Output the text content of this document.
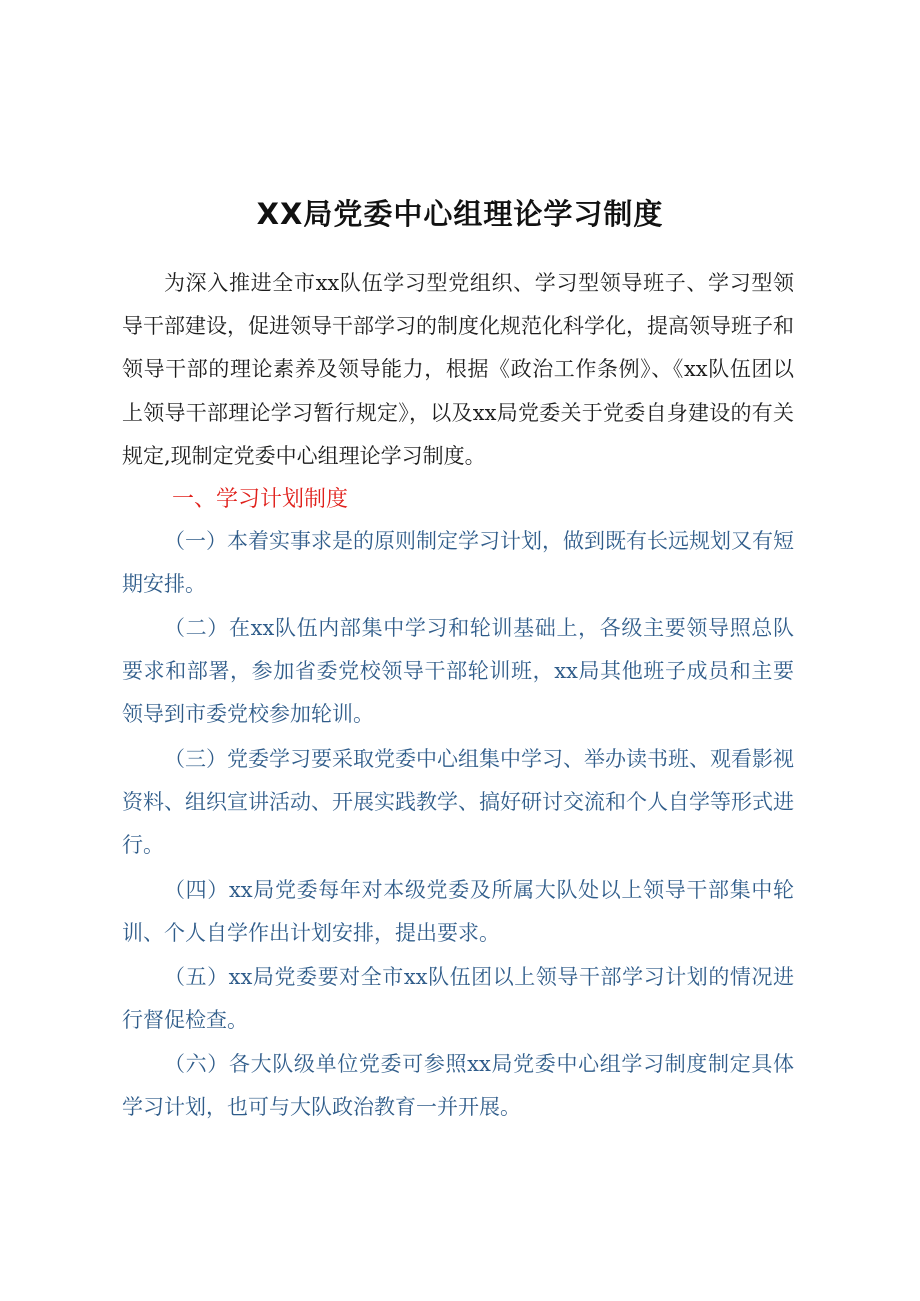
XX局党委中心组理论学习制度

为深入推进全市xx队伍学习型党组织、学习型领导班子、学习型领导干部建设，促进领导干部学习的制度化规范化科学化，提高领导班子和领导干部的理论素养及领导能力，根据《政治工作条例》、《xx队伍团以上领导干部理论学习暂行规定》，以及xx局党委关于党委自身建设的有关规定,现制定党委中心组理论学习制度。

一、学习计划制度

（一）本着实事求是的原则制定学习计划，做到既有长远规划又有短期安排。

（二）在xx队伍内部集中学习和轮训基础上，各级主要领导照总队要求和部署，参加省委党校领导干部轮训班，xx局其他班子成员和主要领导到市委党校参加轮训。

（三）党委学习要采取党委中心组集中学习、举办读书班、观看影视资料、组织宣讲活动、开展实践教学、搞好研讨交流和个人自学等形式进行。

（四）xx局党委每年对本级党委及所属大队处以上领导干部集中轮训、个人自学作出计划安排，提出要求。

（五）xx局党委要对全市xx队伍团以上领导干部学习计划的情况进行督促检查。

（六）各大队级单位党委可参照xx局党委中心组学习制度制定具体学习计划，也可与大队政治教育一并开展。
